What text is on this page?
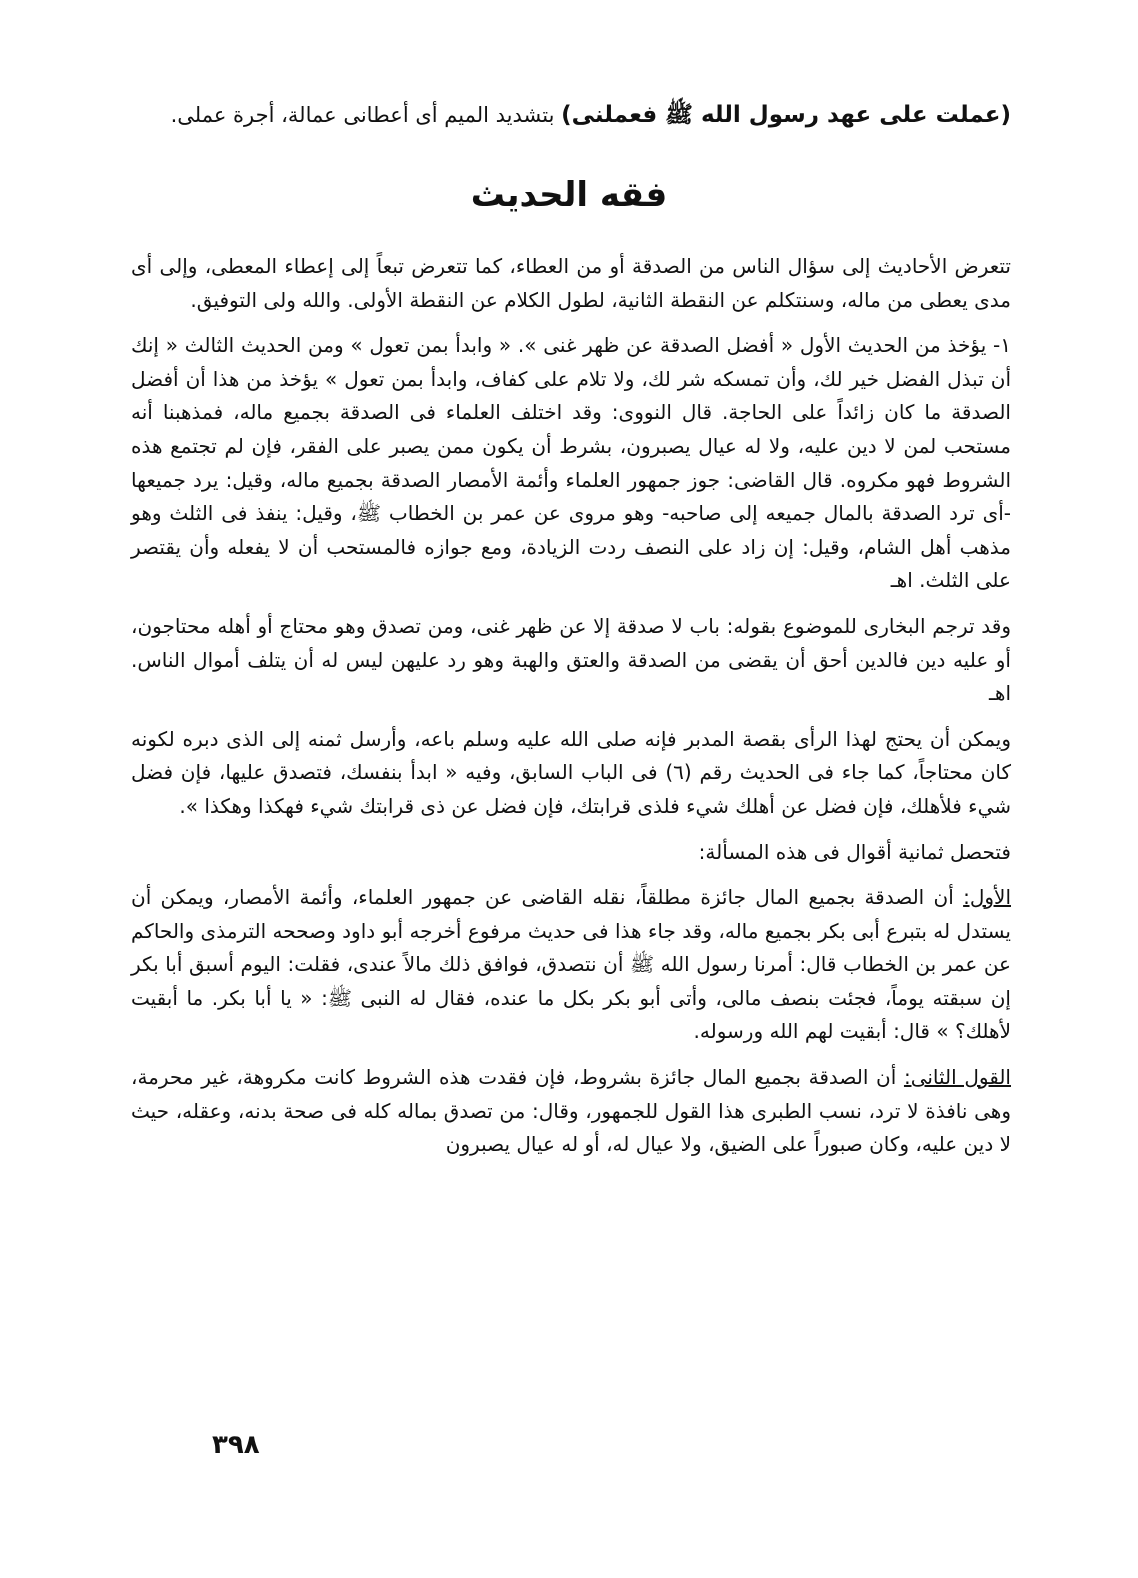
(عملت على عهد رسول الله ﷺ فعملنى) بتشديد الميم أى أعطانى عمالة، أجرة عملى.
فقه الحديث

تتعرض الأحاديث إلى سؤال الناس من الصدقة أو من العطاء، كما تتعرض تبعاً إلى إعطاء المعطى، وإلى أى مدى يعطى من ماله، وسنتكلم عن النقطة الثانية، لطول الكلام عن النقطة الأولى. والله ولى التوفيق.

١- يؤخذ من الحديث الأول « أفضل الصدقة عن ظهر غنى ». « وابدأ بمن تعول » ومن الحديث الثالث « إنك أن تبذل الفضل خير لك، وأن تمسكه شر لك، ولا تلام على كفاف، وابدأ بمن تعول » يؤخذ من هذا أن أفضل الصدقة ما كان زائداً على الحاجة. قال النووى: وقد اختلف العلماء فى الصدقة بجميع ماله، فمذهبنا أنه مستحب لمن لا دين عليه، ولا له عيال يصبرون، بشرط أن يكون ممن يصبر على الفقر، فإن لم تجتمع هذه الشروط فهو مكروه. قال القاضى: جوز جمهور العلماء وأئمة الأمصار الصدقة بجميع ماله، وقيل: يرد جميعها -أى ترد الصدقة بالمال جميعه إلى صاحبه- وهو مروى عن عمر بن الخطاب ﷺ، وقيل: ينفذ فى الثلث وهو مذهب أهل الشام، وقيل: إن زاد على النصف ردت الزيادة، ومع جوازه فالمستحب أن لا يفعله وأن يقتصر على الثلث. اهـ

وقد ترجم البخارى للموضوع بقوله: باب لا صدقة إلا عن ظهر غنى، ومن تصدق وهو محتاج أو أهله محتاجون، أو عليه دين فالدين أحق أن يقضى من الصدقة والعتق والهبة وهو رد عليهن ليس له أن يتلف أموال الناس. اهـ

ويمكن أن يحتج لهذا الرأى بقصة المدبر فإنه صلى الله عليه وسلم باعه، وأرسل ثمنه إلى الذى دبره لكونه كان محتاجاً، كما جاء فى الحديث رقم (٦) فى الباب السابق، وفيه « ابدأ بنفسك، فتصدق عليها، فإن فضل شيء فلأهلك، فإن فضل عن أهلك شيء فلذى قرابتك، فإن فضل عن ذى قرابتك شيء فهكذا وهكذا ».

فتحصل ثمانية أقوال فى هذه المسألة:

الأول: أن الصدقة بجميع المال جائزة مطلقاً، نقله القاضى عن جمهور العلماء، وأئمة الأمصار، ويمكن أن يستدل له بتبرع أبى بكر بجميع ماله، وقد جاء هذا فى حديث مرفوع أخرجه أبو داود وصححه الترمذى والحاكم عن عمر بن الخطاب قال: أمرنا رسول الله ﷺ أن نتصدق، فوافق ذلك مالاً عندى، فقلت: اليوم أسبق أبا بكر إن سبقته يوماً، فجئت بنصف مالى، وأتى أبو بكر بكل ما عنده، فقال له النبى ﷺ: « يا أبا بكر. ما أبقيت لأهلك؟ » قال: أبقيت لهم الله ورسوله.

القول الثانى: أن الصدقة بجميع المال جائزة بشروط، فإن فقدت هذه الشروط كانت مكروهة، غير محرمة، وهى نافذة لا ترد، نسب الطبرى هذا القول للجمهور، وقال: من تصدق بماله كله فى صحة بدنه، وعقله، حيث لا دين عليه، وكان صبوراً على الضيق، ولا عيال له، أو له عيال يصبرون

٣٩٨
